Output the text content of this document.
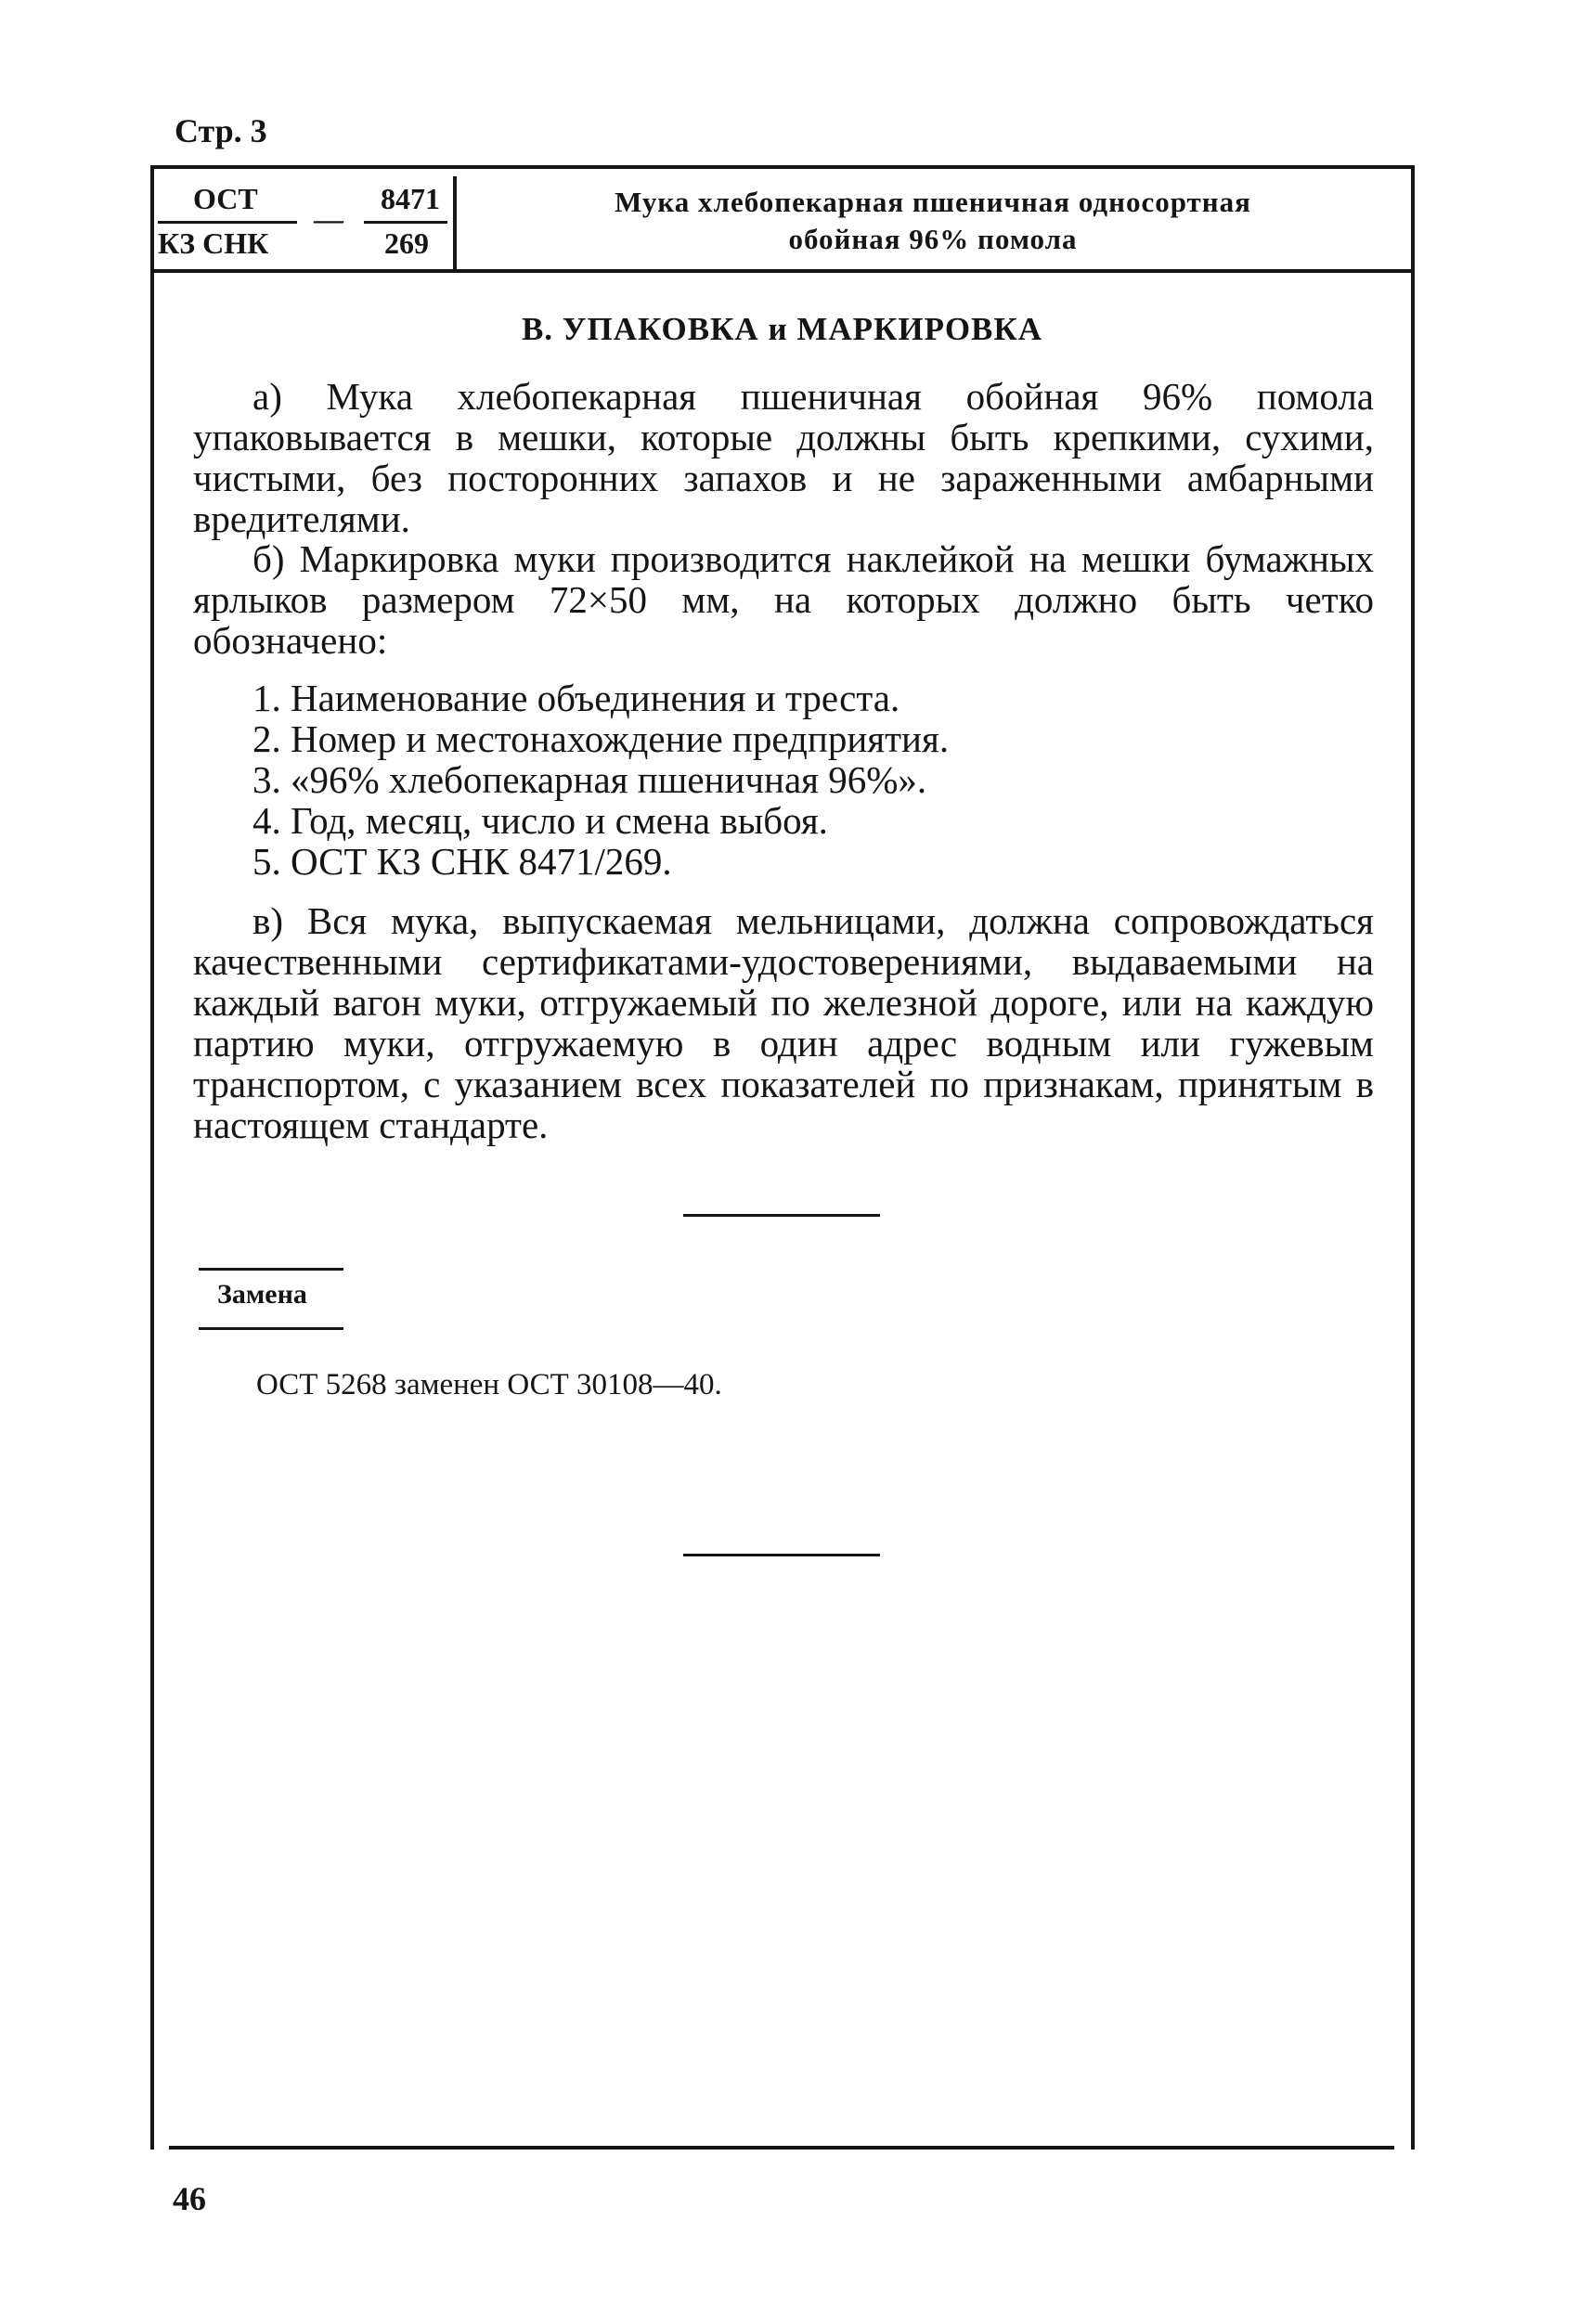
Стр. 3
ОСТ	8471
—
КЗ СНК	269
Мука хлебопекарная пшеничная односортная
обойная 96% помола
В. УПАКОВКА и МАРКИРОВКА
а) Мука хлебопекарная пшеничная обойная 96% помола упаковывается в мешки, которые должны быть крепкими, сухими, чистыми, без посторонних запахов и не зараженными амбарными вредителями.
б) Маркировка муки производится наклейкой на мешки бумажных ярлыков размером 72×50 мм, на которых должно быть четко обозначено:
1. Наименование объединения и треста.
2. Номер и местонахождение предприятия.
3. «96% хлебопекарная пшеничная 96%».
4. Год, месяц, число и смена выбоя.
5. ОСТ КЗ СНК 8471/269.
в) Вся мука, выпускаемая мельницами, должна сопровождаться качественными сертификатами-удостоверениями, выдаваемыми на каждый вагон муки, отгружаемый по железной дороге, или на каждую партию муки, отгружаемую в один адрес водным или гужевым транспортом, с указанием всех показателей по признакам, принятым в настоящем стандарте.
Замена
ОСТ 5268 заменен ОСТ 30108—40.
46
